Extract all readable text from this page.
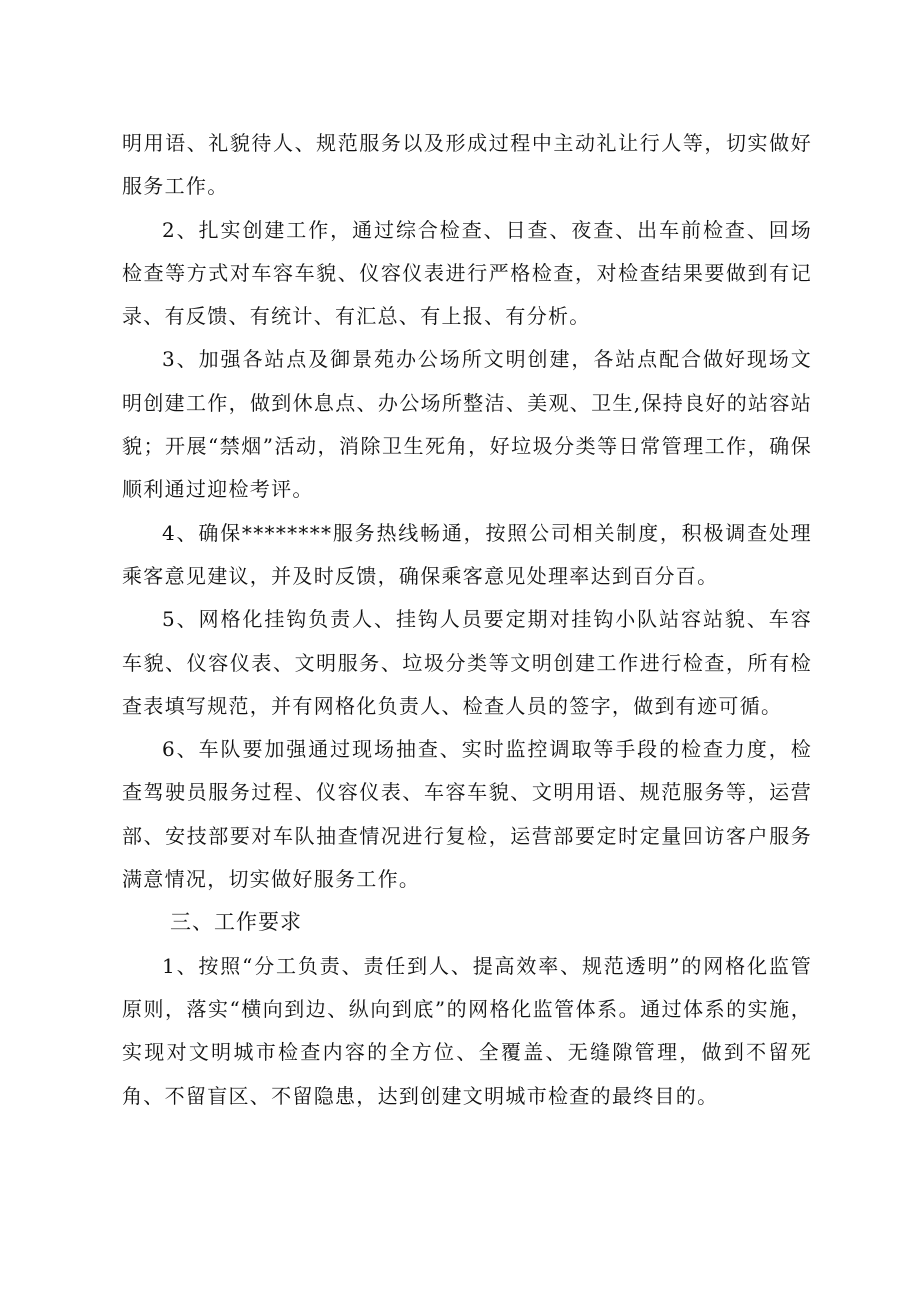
明用语、礼貌待人、规范服务以及形成过程中主动礼让行人等，切实做好服务工作。

2、扎实创建工作，通过综合检查、日查、夜查、出车前检查、回场检查等方式对车容车貌、仪容仪表进行严格检查，对检查结果要做到有记录、有反馈、有统计、有汇总、有上报、有分析。

3、加强各站点及御景苑办公场所文明创建，各站点配合做好现场文明创建工作，做到休息点、办公场所整洁、美观、卫生,保持良好的站容站貌；开展“禁烟”活动，消除卫生死角，好垃圾分类等日常管理工作，确保顺利通过迎检考评。

4、确保********服务热线畅通，按照公司相关制度，积极调查处理乘客意见建议，并及时反馈，确保乘客意见处理率达到百分百。

5、网格化挂钩负责人、挂钩人员要定期对挂钩小队站容站貌、车容车貌、仪容仪表、文明服务、垃圾分类等文明创建工作进行检查，所有检查表填写规范，并有网格化负责人、检查人员的签字，做到有迹可循。

6、车队要加强通过现场抽查、实时监控调取等手段的检查力度，检查驾驶员服务过程、仪容仪表、车容车貌、文明用语、规范服务等，运营部、安技部要对车队抽查情况进行复检，运营部要定时定量回访客户服务满意情况，切实做好服务工作。

三、工作要求

1、按照“分工负责、责任到人、提高效率、规范透明”的网格化监管原则，落实“横向到边、纵向到底”的网格化监管体系。通过体系的实施，实现对文明城市检查内容的全方位、全覆盖、无缝隙管理，做到不留死角、不留盲区、不留隐患，达到创建文明城市检查的最终目的。
